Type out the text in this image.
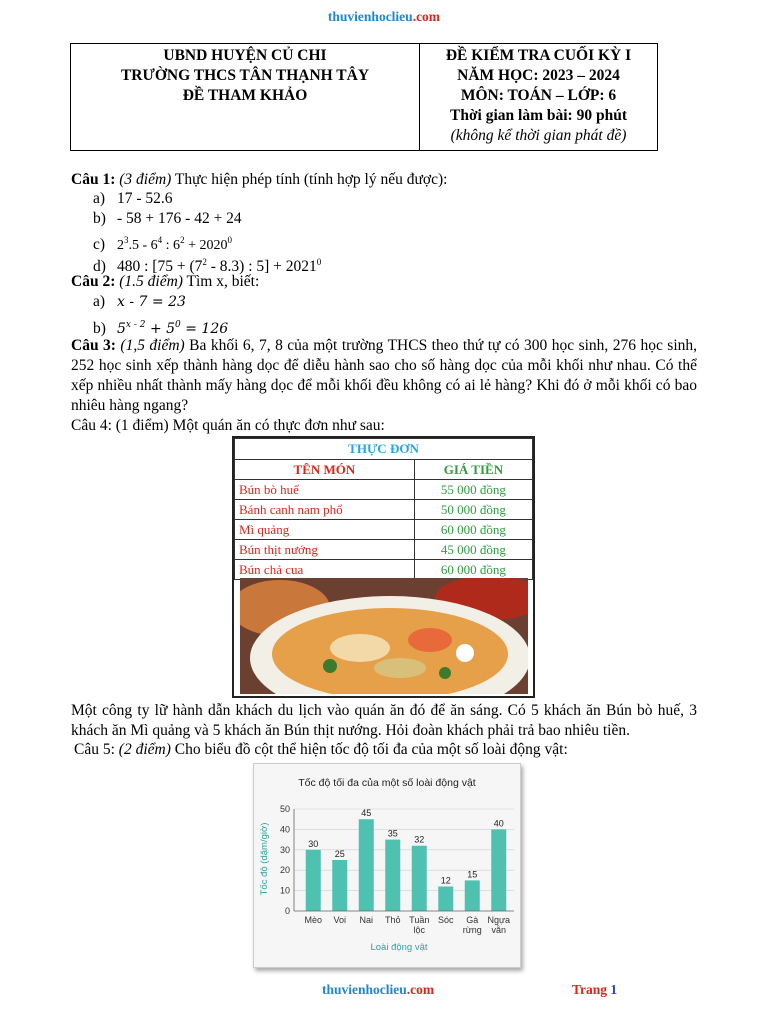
thuvienhoclieu.com
UBND HUYỆN CỦ CHI
TRƯỜNG THCS TÂN THẠNH TÂY
ĐỀ THAM KHẢO
ĐỀ KIỂM TRA CUỐI KỲ I
NĂM HỌC: 2023 – 2024
MÔN: TOÁN – LỚP: 6
Thời gian làm bài: 90 phút
(không kể thời gian phát đề)
Câu 1: (3 điểm) Thực hiện phép tính (tính hợp lý nếu được):
a) 17 - 52.6
b) - 58 + 176 - 42 + 24
c) $2^3.5 - 6^4$ : $6^2 + 2020^0$
d) 480 : [$75 + (7^2 - 8.3)$ : $5] + 2021^0$
Câu 2: (1.5 điểm) Tìm x, biết:
a) x - 7 = 23
b) $5^{x - 2} + 5^0 = 126$
Câu 3: (1,5 điểm) Ba khối 6, 7, 8 của một trường THCS theo thứ tự có 300 học sinh, 276 học sinh, 252 học sinh xếp thành hàng dọc để diễu hành sao cho số hàng dọc của mỗi khối như nhau. Có thể xếp nhiều nhất thành mấy hàng dọc để mỗi khối đều không có ai lẻ hàng? Khi đó ở mỗi khối có bao nhiêu hàng ngang?
Câu 4: (1 điểm) Một quán ăn có thực đơn như sau:
THỰC ĐƠN	
TÊN MÓN	GIÁ TIỀN
Bún bò huế	55 000 đồng
Bánh canh nam phổ	50 000 đồng
Mì quảng	60 000 đồng
Bún thịt nướng	45 000 đồng
Bún chả cua	60 000 đồng
Một công ty lữ hành dẫn khách du lịch vào quán ăn đó để ăn sáng. Có 5 khách ăn Bún bò huế, 3 khách ăn Mì quảng và 5 khách ăn Bún thịt nướng. Hỏi đoàn khách phải trả bao nhiêu tiền.
Câu 5: (2 điểm) Cho biểu đồ cột thể hiện tốc độ tối đa của một số loài động vật:
Tốc độ tối đa của một số loài động vật
Tốc độ (dặm/giờ)
Loài động vật
0
10
20
30
40
50
30
Mèo
25
Voi
45
Nai
35
Thỏ
32
Tuần
lộc
12
Sóc
15
Gà
rừng
40
Ngựa
vằn
thuvienhoclieu.com	Trang 1
